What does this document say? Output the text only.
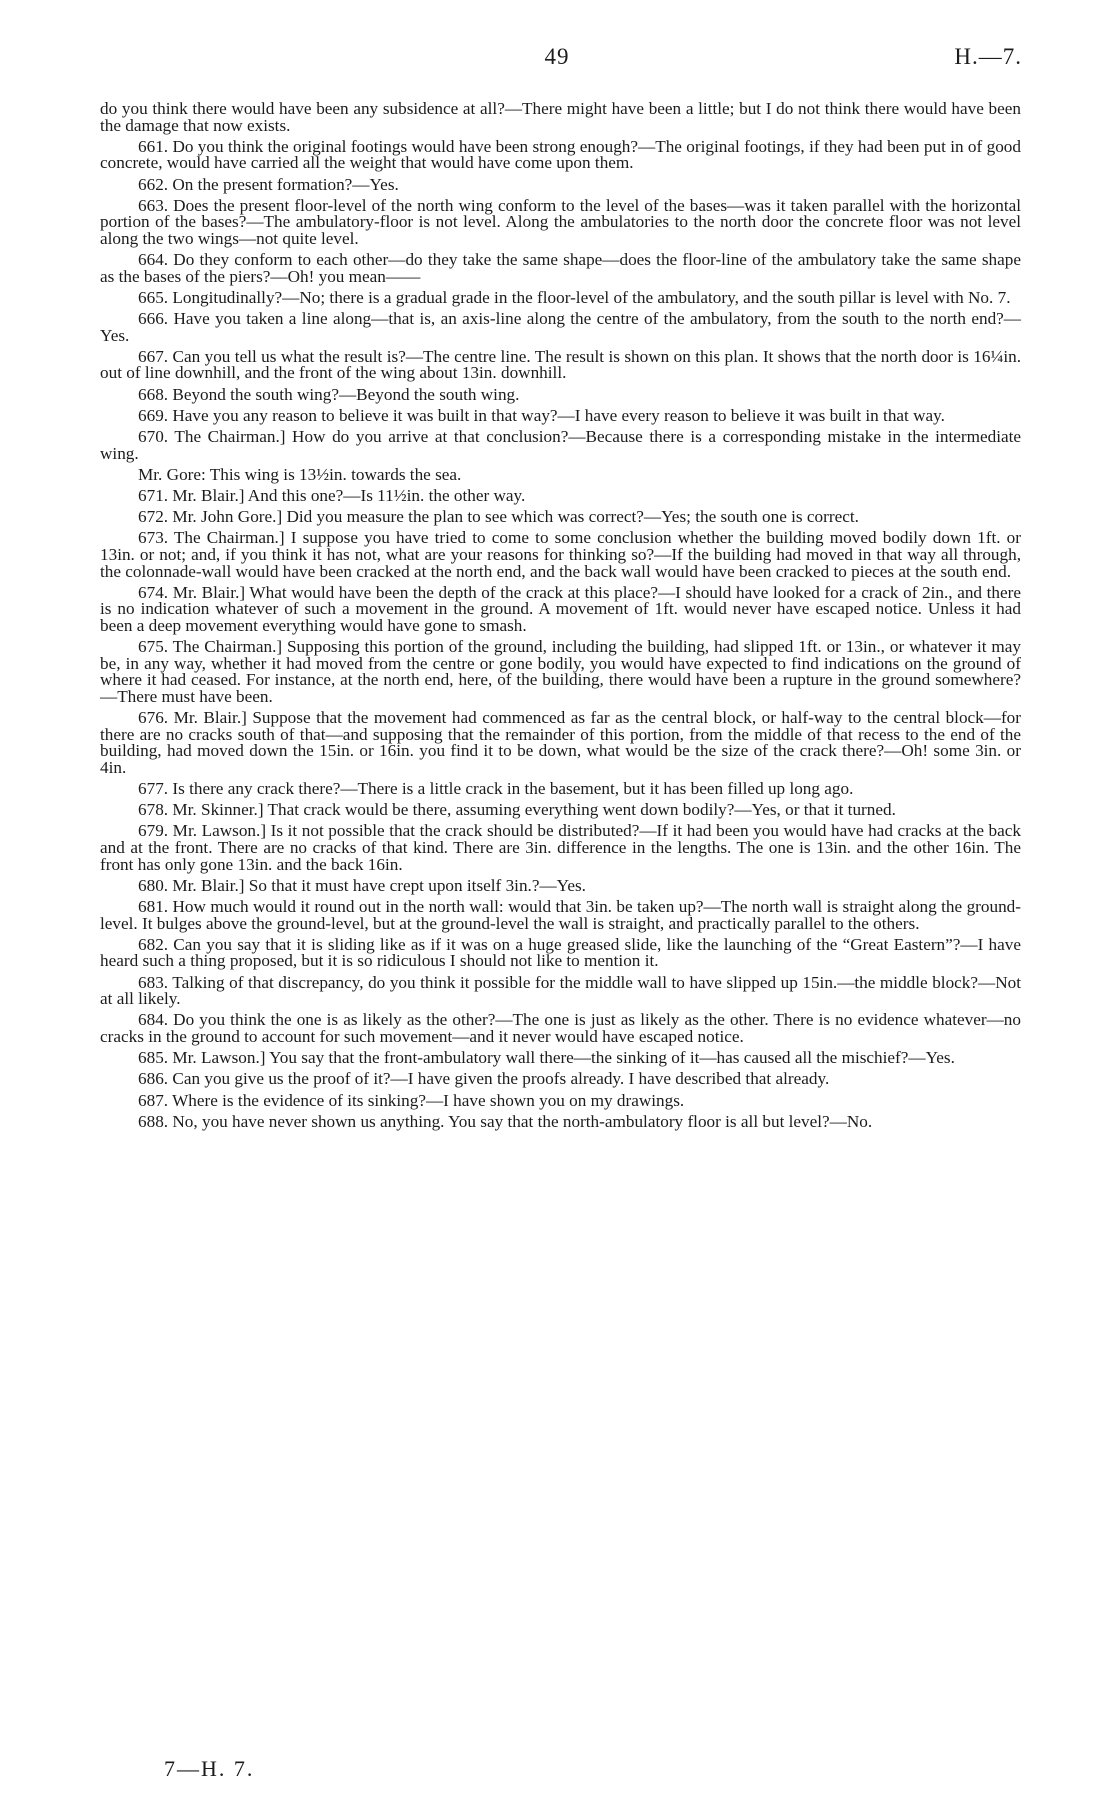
49	H.—7.

do you think there would have been any subsidence at all?—There might have been a little; but I do not think there would have been the damage that now exists.

661. Do you think the original footings would have been strong enough?—The original footings, if they had been put in of good concrete, would have carried all the weight that would have come upon them.

662. On the present formation?—Yes.

663. Does the present floor-level of the north wing conform to the level of the bases—was it taken parallel with the horizontal portion of the bases?—The ambulatory-floor is not level. Along the ambulatories to the north door the concrete floor was not level along the two wings—not quite level.

664. Do they conform to each other—do they take the same shape—does the floor-line of the ambulatory take the same shape as the bases of the piers?—Oh! you mean——

665. Longitudinally?—No; there is a gradual grade in the floor-level of the ambulatory, and the south pillar is level with No. 7.

666. Have you taken a line along—that is, an axis-line along the centre of the ambulatory, from the south to the north end?—Yes.

667. Can you tell us what the result is?—The centre line. The result is shown on this plan. It shows that the north door is 16¼in. out of line downhill, and the front of the wing about 13in. downhill.

668. Beyond the south wing?—Beyond the south wing.

669. Have you any reason to believe it was built in that way?—I have every reason to believe it was built in that way.

670. The Chairman.] How do you arrive at that conclusion?—Because there is a corresponding mistake in the intermediate wing.

Mr. Gore: This wing is 13½in. towards the sea.

671. Mr. Blair.] And this one?—Is 11½in. the other way.

672. Mr. John Gore.] Did you measure the plan to see which was correct?—Yes; the south one is correct.

673. The Chairman.] I suppose you have tried to come to some conclusion whether the building moved bodily down 1ft. or 13in. or not; and, if you think it has not, what are your reasons for thinking so?—If the building had moved in that way all through, the colonnade-wall would have been cracked at the north end, and the back wall would have been cracked to pieces at the south end.

674. Mr. Blair.] What would have been the depth of the crack at this place?—I should have looked for a crack of 2in., and there is no indication whatever of such a movement in the ground. A movement of 1ft. would never have escaped notice. Unless it had been a deep movement everything would have gone to smash.

675. The Chairman.] Supposing this portion of the ground, including the building, had slipped 1ft. or 13in., or whatever it may be, in any way, whether it had moved from the centre or gone bodily, you would have expected to find indications on the ground of where it had ceased. For instance, at the north end, here, of the building, there would have been a rupture in the ground somewhere?—There must have been.

676. Mr. Blair.] Suppose that the movement had commenced as far as the central block, or half-way to the central block—for there are no cracks south of that—and supposing that the remainder of this portion, from the middle of that recess to the end of the building, had moved down the 15in. or 16in. you find it to be down, what would be the size of the crack there?—Oh! some 3in. or 4in.

677. Is there any crack there?—There is a little crack in the basement, but it has been filled up long ago.

678. Mr. Skinner.] That crack would be there, assuming everything went down bodily?—Yes, or that it turned.

679. Mr. Lawson.] Is it not possible that the crack should be distributed?—If it had been you would have had cracks at the back and at the front. There are no cracks of that kind. There are 3in. difference in the lengths. The one is 13in. and the other 16in. The front has only gone 13in. and the back 16in.

680. Mr. Blair.] So that it must have crept upon itself 3in.?—Yes.

681. How much would it round out in the north wall: would that 3in. be taken up?—The north wall is straight along the ground-level. It bulges above the ground-level, but at the ground-level the wall is straight, and practically parallel to the others.

682. Can you say that it is sliding like as if it was on a huge greased slide, like the launching of the “Great Eastern”?—I have heard such a thing proposed, but it is so ridiculous I should not like to mention it.

683. Talking of that discrepancy, do you think it possible for the middle wall to have slipped up 15in.—the middle block?—Not at all likely.

684. Do you think the one is as likely as the other?—The one is just as likely as the other. There is no evidence whatever—no cracks in the ground to account for such movement—and it never would have escaped notice.

685. Mr. Lawson.] You say that the front-ambulatory wall there—the sinking of it—has caused all the mischief?—Yes.

686. Can you give us the proof of it?—I have given the proofs already. I have described that already.

687. Where is the evidence of its sinking?—I have shown you on my drawings.

688. No, you have never shown us anything. You say that the north-ambulatory floor is all but level?—No.

7—H. 7.
